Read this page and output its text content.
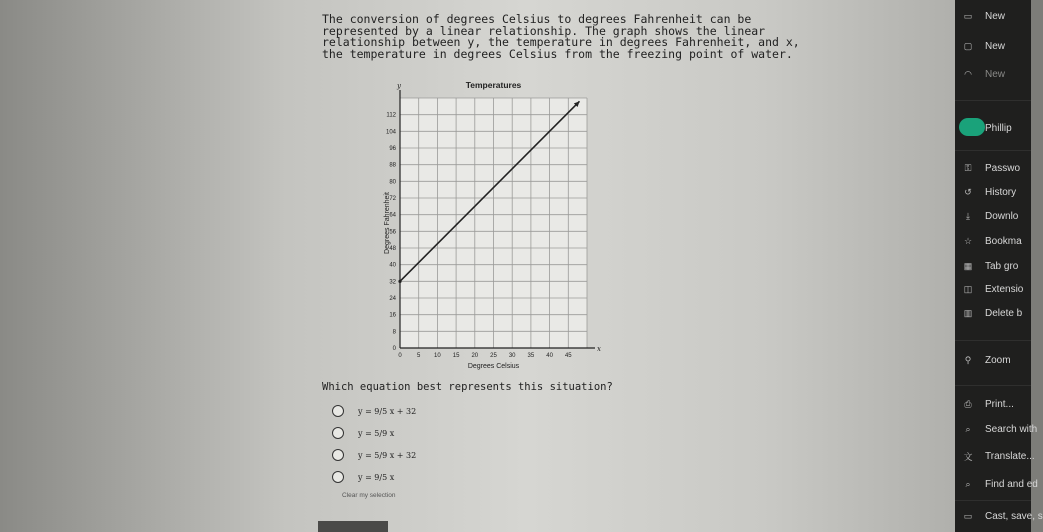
The conversion of degrees Celsius to degrees Fahrenheit can be
represented by a linear relationship. The graph shows the linear
relationship between y, the temperature in degrees Fahrenheit, and x,
the temperature in degrees Celsius from the freezing point of water.
x
y
0	5 10 15 20 25 30 35 40 45
0
8
16
24
32
40
48
56
64
72
80
88
96
104
112
Temperatures
Degrees Celsius
Degrees Fahrenheit
Which equation best represents this situation?
y = 9/5 x + 32
y = 5/9 x
y = 5/9 x + 32
y = 9/5 x
Clear my selection
▭ New
▢ New
◠	New
Phillip
⚿	Passwo
↺	History
⤓	Downlo
☆ Bookma
▦ Tab gro
◫ Extensio
▥ Delete b
⚲	Zoom
⎙	Print...
⌕	Search with
文 Translate...
⌕	Find and ed
▭ Cast, save, s
